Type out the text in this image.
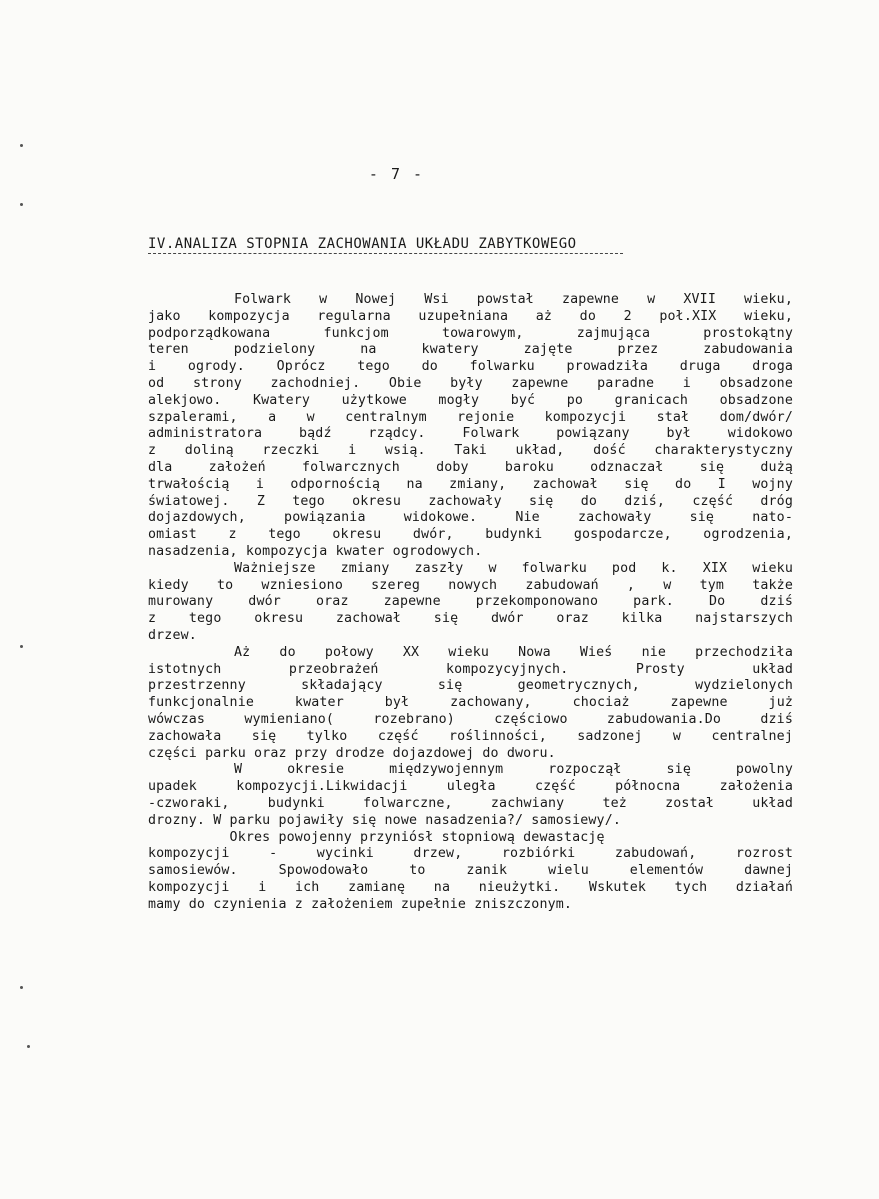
- 7 -
IV.ANALIZA STOPNIA ZACHOWANIA UKŁADU ZABYTKOWEGO
Folwark w Nowej Wsi powstał zapewne w XVII wieku,
jako kompozycja regularna uzupełniana aż do 2 poł.XIX wieku,
podporządkowana funkcjom towarowym, zajmująca prostokątny
teren podzielony na kwatery zajęte przez zabudowania
i ogrody. Oprócz tego do folwarku prowadziła druga droga
od strony zachodniej. Obie były zapewne paradne i obsadzone
alekjowo. Kwatery użytkowe mogły być po granicach obsadzone
szpalerami, a w centralnym rejonie kompozycji stał dom/dwór/
administratora bądź rządcy. Folwark powiązany był widokowo
z doliną rzeczki i wsią. Taki układ, dość charakterystyczny
dla założeń folwarcznych doby baroku odznaczał się dużą
trwałością i odpornością na zmiany, zachował się do I wojny
światowej. Z tego okresu zachowały się do dziś, część dróg
dojazdowych, powiązania widokowe. Nie zachowały się nato-
omiast z tego okresu dwór, budynki gospodarcze, ogrodzenia,
nasadzenia, kompozycja kwater ogrodowych.
Ważniejsze zmiany zaszły w folwarku pod k. XIX wieku
kiedy to wzniesiono szereg nowych zabudowań , w tym także
murowany dwór oraz zapewne przekomponowano park. Do dziś
z tego okresu zachował się dwór oraz kilka najstarszych
drzew.
Aż do połowy XX wieku Nowa Wieś nie przechodziła
istotnych przeobrażeń kompozycyjnych. Prosty układ
przestrzenny składający się geometrycznych, wydzielonych
funkcjonalnie kwater był zachowany, chociaż zapewne już
wówczas wymieniano( rozebrano) częściowo zabudowania.Do dziś
zachowała się tylko część roślinności, sadzonej w centralnej
części parku oraz przy drodze dojazdowej do dworu.
W okresie międzywojennym rozpoczął się powolny
upadek kompozycji.Likwidacji uległa część północna założenia
-czworaki, budynki folwarczne, zachwiany też został układ
drozny. W parku pojawiły się nowe nasadzenia?/ samosiewy/.
Okres powojenny przyniósł stopniową dewastację
kompozycji - wycinki drzew, rozbiórki zabudowań, rozrost
samosiewów. Spowodowało to zanik wielu elementów dawnej
kompozycji i ich zamianę na nieużytki. Wskutek tych działań
mamy do czynienia z założeniem zupełnie zniszczonym.
